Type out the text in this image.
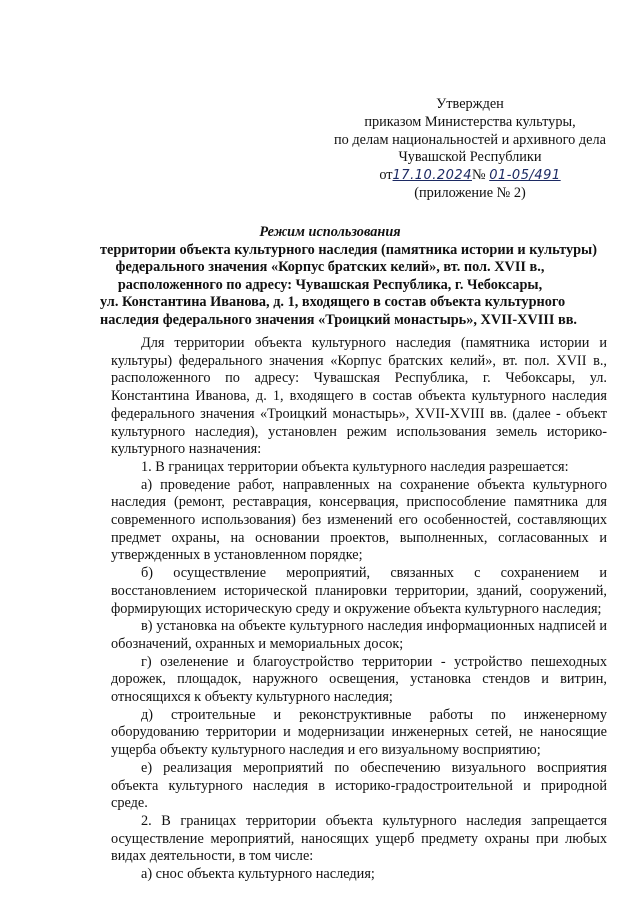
Утвержден
приказом Министерства культуры,
по делам национальностей и архивного дела
Чувашской Республики
от17.10.2024№ 01-05/491
(приложение № 2)
Режим использования
территории объекта культурного наследия (памятника истории и культуры)
федерального значения «Корпус братских келий», вт. пол. XVII в.,
расположенного по адресу: Чувашская Республика, г. Чебоксары,
ул. Константина Иванова, д. 1, входящего в состав объекта культурного
наследия федерального значения «Троицкий монастырь», XVII-XVIII вв.

Для территории объекта культурного наследия (памятника истории и культуры) федерального значения «Корпус братских келий», вт. пол. XVII в., расположенного по адресу: Чувашская Республика, г. Чебоксары, ул. Константина Иванова, д. 1, входящего в состав объекта культурного наследия федерального значения «Троицкий монастырь», XVII-XVIII вв. (далее - объект культурного наследия), установлен режим использования земель историко-культурного назначения:

1. В границах территории объекта культурного наследия разрешается:

а) проведение работ, направленных на сохранение объекта культурного наследия (ремонт, реставрация, консервация, приспособление памятника для современного использования) без изменений его особенностей, составляющих предмет охраны, на основании проектов, выполненных, согласованных и утвержденных в установленном порядке;

б) осуществление мероприятий, связанных с сохранением и восстановлением исторической планировки территории, зданий, сооружений, формирующих историческую среду и окружение объекта культурного наследия;

в) установка на объекте культурного наследия информационных надписей и обозначений, охранных и мемориальных досок;

г) озеленение и благоустройство территории - устройство пешеходных дорожек, площадок, наружного освещения, установка стендов и витрин, относящихся к объекту культурного наследия;

д) строительные и реконструктивные работы по инженерному оборудованию территории и модернизации инженерных сетей, не наносящие ущерба объекту культурного наследия и его визуальному восприятию;

е) реализация мероприятий по обеспечению визуального восприятия объекта культурного наследия в историко-градостроительной и природной среде.

2. В границах территории объекта культурного наследия запрещается осуществление мероприятий, наносящих ущерб предмету охраны при любых видах деятельности, в том числе:

а) снос объекта культурного наследия;
